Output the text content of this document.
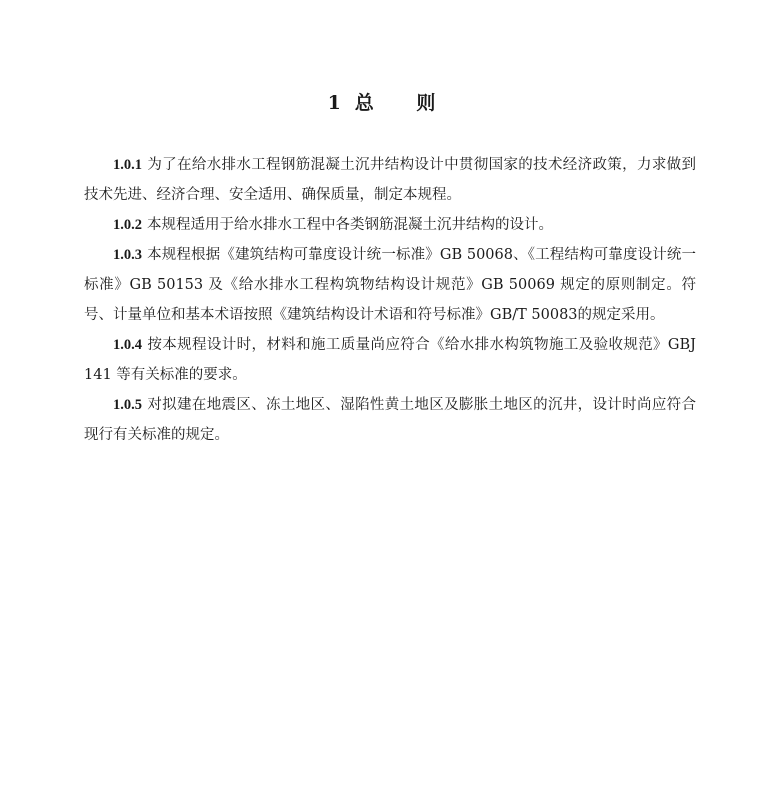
1 总 则

1.0.1 为了在给水排水工程钢筋混凝土沉井结构设计中贯彻国家的技术经济政策，力求做到技术先进、经济合理、安全适用、确保质量，制定本规程。

1.0.2 本规程适用于给水排水工程中各类钢筋混凝土沉井结构的设计。

1.0.3 本规程根据《建筑结构可靠度设计统一标准》GB 50068、《工程结构可靠度设计统一标准》GB 50153 及《给水排水工程构筑物结构设计规范》GB 50069 规定的原则制定。符号、计量单位和基本术语按照《建筑结构设计术语和符号标准》GB/T 50083的规定采用。

1.0.4 按本规程设计时，材料和施工质量尚应符合《给水排水构筑物施工及验收规范》GBJ 141 等有关标准的要求。

1.0.5 对拟建在地震区、冻土地区、湿陷性黄土地区及膨胀土地区的沉井，设计时尚应符合现行有关标准的规定。
